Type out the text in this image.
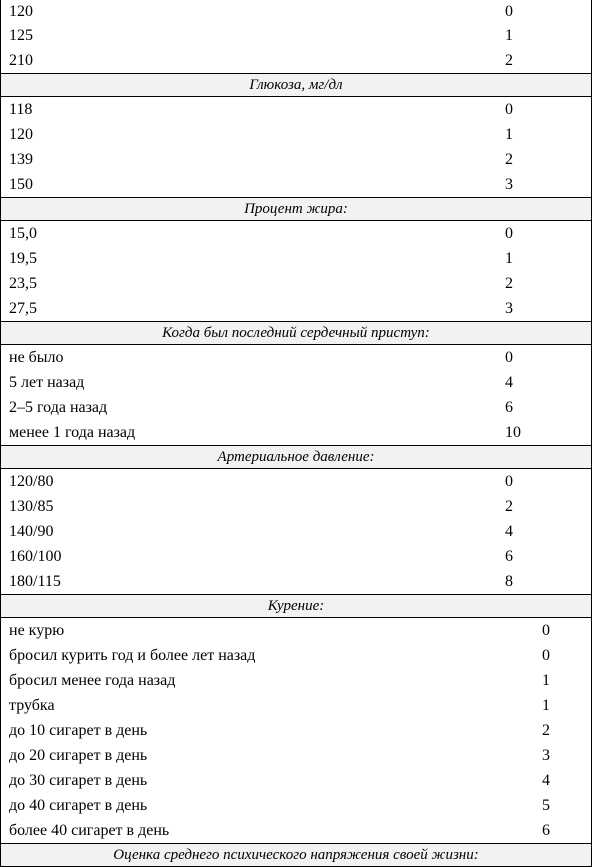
120	0
125	1
210	2
Глюкоза, мг/дл
118	0
120	1
139	2
150	3
Процент жира:
15,0	0
19,5	1
23,5	2
27,5	3
Когда был последний сердечный приступ:
не было	0
5 лет назад	4
2–5 года назад	6
менее 1 года назад	10
Артериальное давление:
120/80	0
130/85	2
140/90	4
160/100	6
180/115	8
Курение:
не курю	0
бросил курить год и более лет назад	0
бросил менее года назад	1
трубка	1
до 10 сигарет в день	2
до 20 сигарет в день	3
до 30 сигарет в день	4
до 40 сигарет в день	5
более 40 сигарет в день	6
Оценка среднего психического напряжения своей жизни:
